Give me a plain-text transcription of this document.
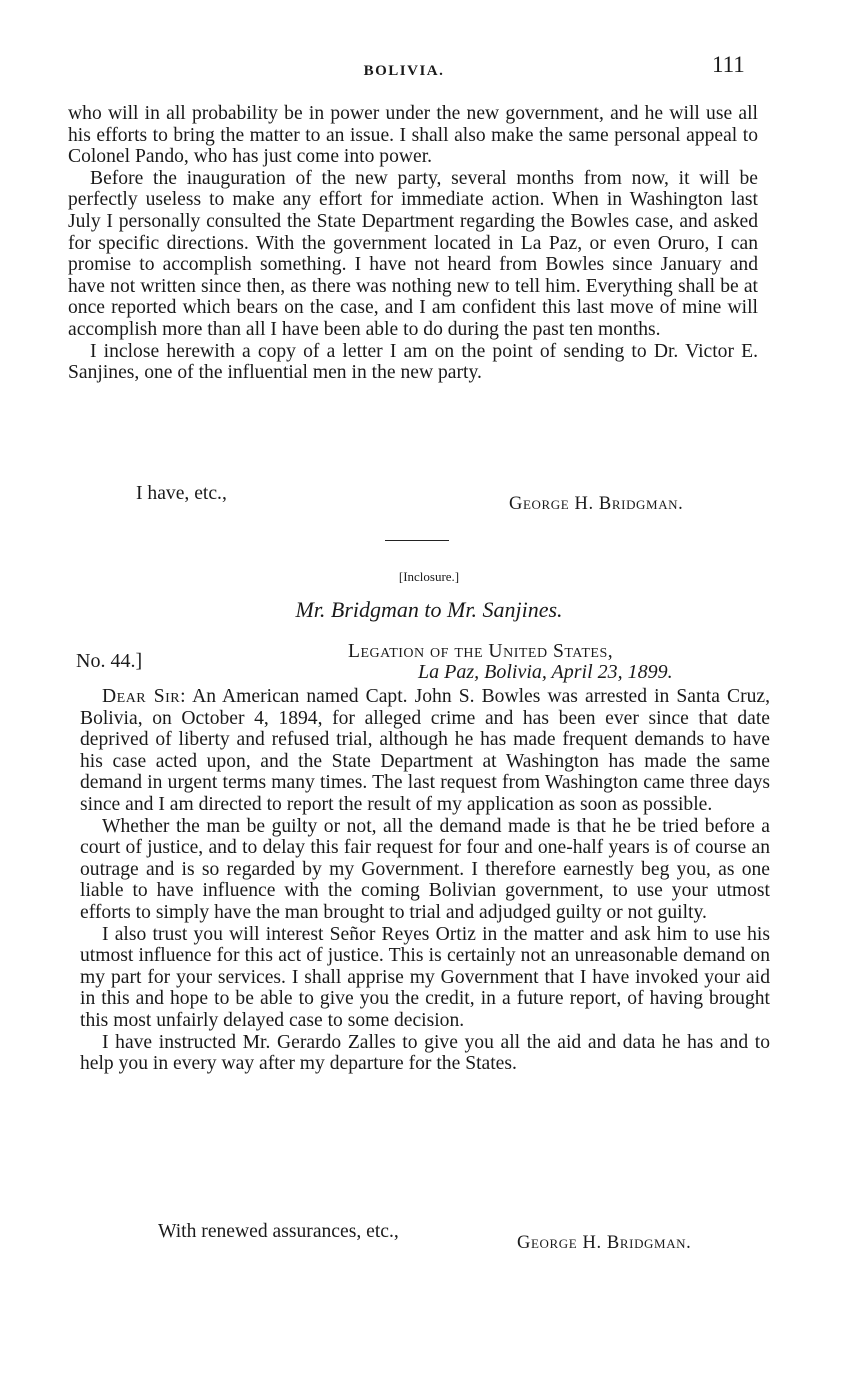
BOLIVIA.	111

who will in all probability be in power under the new government, and he will use all his efforts to bring the matter to an issue. I shall also make the same personal appeal to Colonel Pando, who has just come into power.

Before the inauguration of the new party, several months from now, it will be perfectly useless to make any effort for immediate action. When in Washington last July I personally consulted the State Department regarding the Bowles case, and asked for specific directions. With the government located in La Paz, or even Oruro, I can promise to accomplish something. I have not heard from Bowles since January and have not written since then, as there was nothing new to tell him. Everything shall be at once reported which bears on the case, and I am confident this last move of mine will accomplish more than all I have been able to do during the past ten months.

I inclose herewith a copy of a letter I am on the point of sending to Dr. Victor E. Sanjines, one of the influential men in the new party.

I have, etc.,	George H. Bridgman.
[Inclosure.]
Mr. Bridgman to Mr. Sanjines.
No. 44.]	Legation of the United States,
La Paz, Bolivia, April 23, 1899.

Dear Sir: An American named Capt. John S. Bowles was arrested in Santa Cruz, Bolivia, on October 4, 1894, for alleged crime and has been ever since that date deprived of liberty and refused trial, although he has made frequent demands to have his case acted upon, and the State Department at Washington has made the same demand in urgent terms many times. The last request from Washington came three days since and I am directed to report the result of my application as soon as possible.

Whether the man be guilty or not, all the demand made is that he be tried before a court of justice, and to delay this fair request for four and one-half years is of course an outrage and is so regarded by my Government. I therefore earnestly beg you, as one liable to have influence with the coming Bolivian government, to use your utmost efforts to simply have the man brought to trial and adjudged guilty or not guilty.

I also trust you will interest Señor Reyes Ortiz in the matter and ask him to use his utmost influence for this act of justice. This is certainly not an unreasonable demand on my part for your services. I shall apprise my Government that I have invoked your aid in this and hope to be able to give you the credit, in a future report, of having brought this most unfairly delayed case to some decision.

I have instructed Mr. Gerardo Zalles to give you all the aid and data he has and to help you in every way after my departure for the States.

With renewed assurances, etc.,
George H. Bridgman.
